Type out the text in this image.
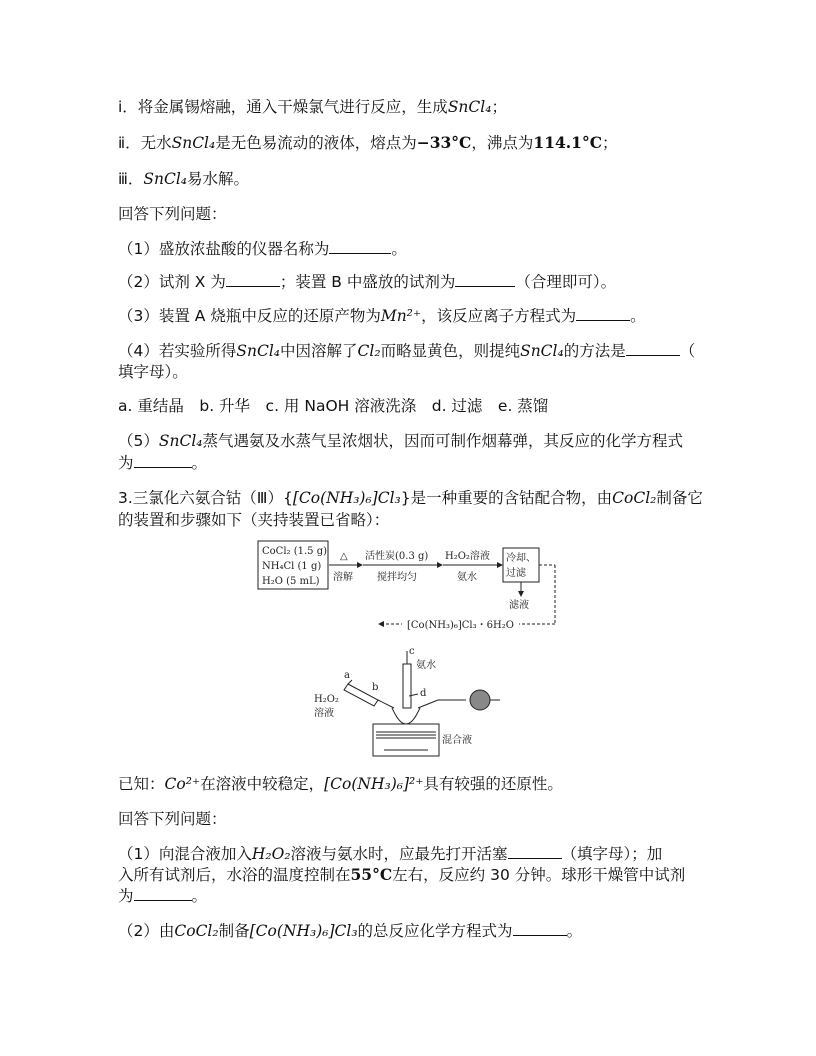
ⅰ．将金属锡熔融，通入干燥氯气进行反应，生成SnCl₄；
ⅱ．无水SnCl₄是无色易流动的液体，熔点为−33°C，沸点为114.1°C；
ⅲ．SnCl₄易水解。
回答下列问题：
（1）盛放浓盐酸的仪器名称为	。
（2）试剂 X 为	；装置 B 中盛放的试剂为	（合理即可）。
（3）装置 A 烧瓶中反应的还原产物为Mn²⁺，该反应离子方程式为	。
（4）若实验所得SnCl₄中因溶解了Cl₂而略显黄色，则提纯SnCl₄的方法是	（
填字母）。
a. 重结晶　b. 升华　c. 用 NaOH 溶液洗涤　d. 过滤　e. 蒸馏
（5）SnCl₄蒸气遇氨及水蒸气呈浓烟状，因而可制作烟幕弹，其反应的化学方程式
为	。
3.三氯化六氨合钴（Ⅲ）{[Co(NH₃)₆]Cl₃}是一种重要的含钴配合物，由CoCl₂制备它
的装置和步骤如下（夹持装置已省略）：
CoCl₂ (1.5 g)
NH₄Cl (1 g)
H₂O (5 mL)
△
溶解
活性炭(0.3 g)
搅拌均匀
H₂O₂溶液
氨水
冷却、
过滤
滤液
[Co(NH₃)₆]Cl₃・6H₂O
a
b
c
d
H₂O₂
溶液
氨水
混合液
已知：Co²⁺在溶液中较稳定，[Co(NH₃)₆]²⁺具有较强的还原性。
回答下列问题：
（1）向混合液加入H₂O₂溶液与氨水时，应最先打开活塞	（填字母）；加
入所有试剂后，水浴的温度控制在55°C左右，反应约 30 分钟。球形干燥管中试剂
为	。
（2）由CoCl₂制备[Co(NH₃)₆]Cl₃的总反应化学方程式为	。
